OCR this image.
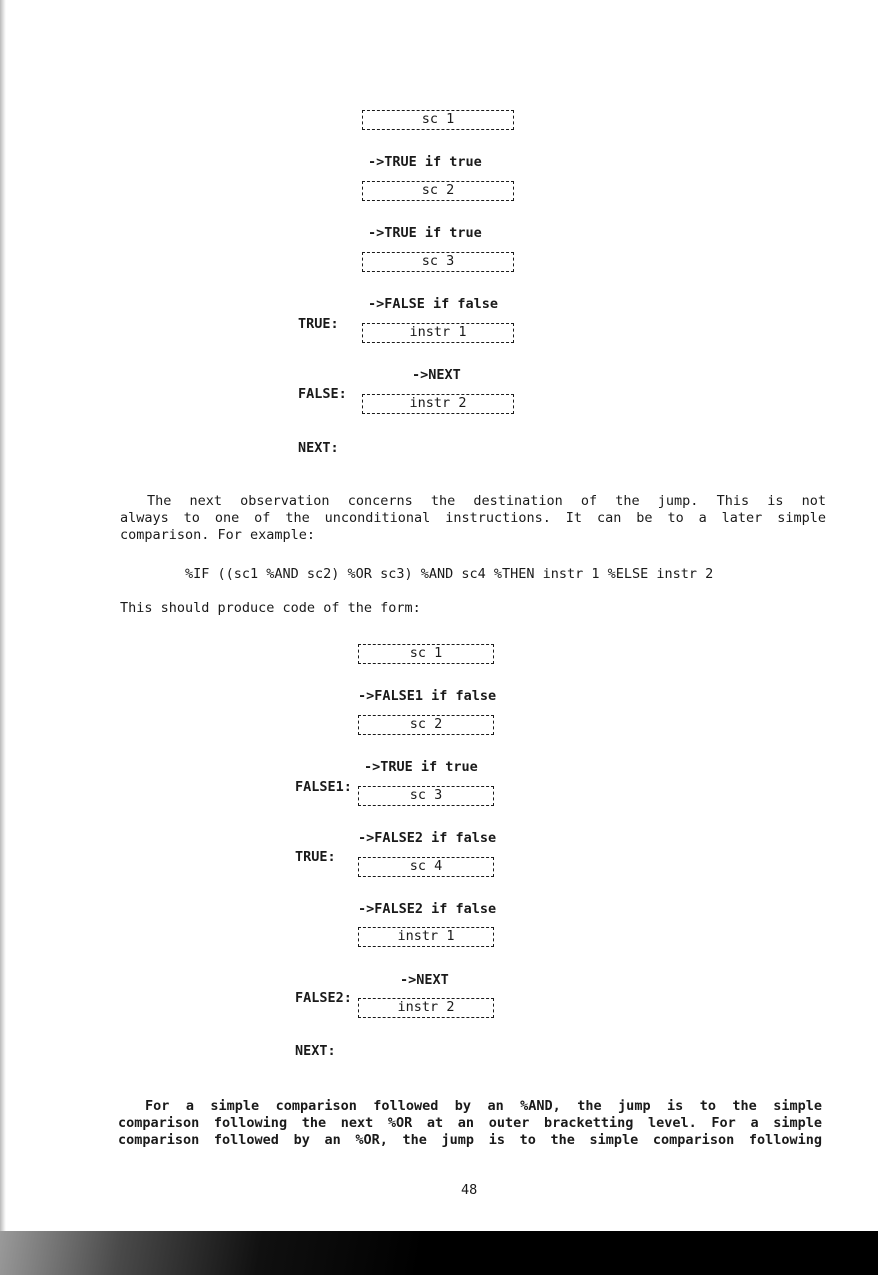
sc 1
->TRUE if true
sc 2
->TRUE if true
sc 3
->FALSE if false
TRUE:	instr 1
->NEXT
FALSE:
instr 2
NEXT:
The next observation concerns the destination of the jump. This is not
always to one of the unconditional instructions. It can be to a later simple
comparison. For example:
%IF ((sc1 %AND sc2) %OR sc3) %AND sc4 %THEN instr 1 %ELSE instr 2
This should produce code of the form:
sc 1
->FALSE1 if false
sc 2
->TRUE if true
FALSE1:	sc 3
->FALSE2 if false
TRUE:
sc 4
->FALSE2 if false
instr 1
->NEXT
FALSE2:
instr 2
NEXT:
For a simple comparison followed by an %AND, the jump is to the simple
comparison following the next %OR at an outer bracketting level. For a simple
comparison followed by an %OR, the jump is to the simple comparison following
48
